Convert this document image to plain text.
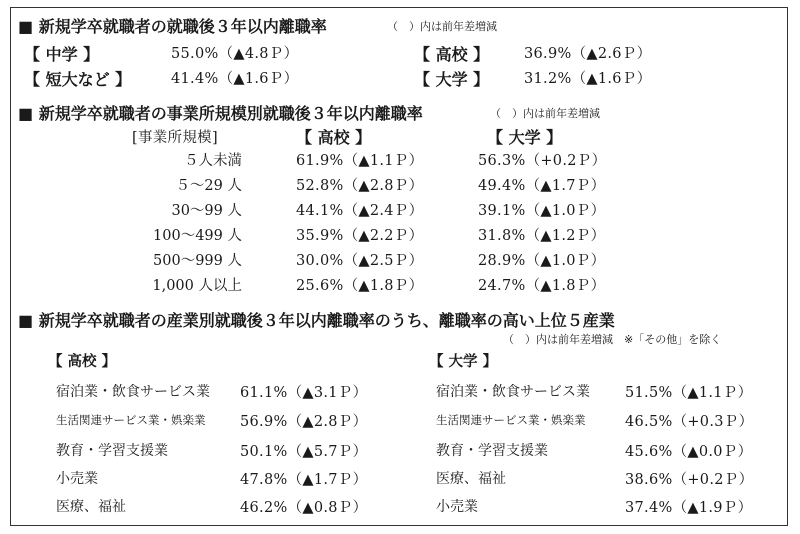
■ 新規学卒就職者の就職後３年以内離職率	（　）内は前年差増減
【 中学 】	55.0%（▲4.8Ｐ）	【 高校 】 36.9%（▲2.6Ｐ）
【 短大など 】	41.4%（▲1.6Ｐ）	【 大学 】 31.2%（▲1.6Ｐ）
■ 新規学卒就職者の事業所規模別就職後３年以内離職率	（　）内は前年差増減
[事業所規模]	【 高校 】	【 大学 】
５人未満	61.9%（▲1.1Ｐ）	56.3%（+0.2Ｐ）
５～29 人	52.8%（▲2.8Ｐ）	49.4%（▲1.7Ｐ）
30～99 人	44.1%（▲2.4Ｐ）	39.1%（▲1.0Ｐ）
100～499 人	35.9%（▲2.2Ｐ）	31.8%（▲1.2Ｐ）
500～999 人	30.0%（▲2.5Ｐ）	28.9%（▲1.0Ｐ）
1,000 人以上	25.6%（▲1.8Ｐ）	24.7%（▲1.8Ｐ）
■ 新規学卒就職者の産業別就職後３年以内離職率のうち、離職率の高い上位５産業
（　）内は前年差増減　※「その他」を除く
【 高校 】	【 大学 】
宿泊業・飲食サービス業 61.1%（▲3.1Ｐ）
生活関連サービス業・娯楽業 56.9%（▲2.8Ｐ）
教育・学習支援業	50.1%（▲5.7Ｐ）
小売業	47.8%（▲1.7Ｐ）
医療、福祉	46.2%（▲0.8Ｐ）
宿泊業・飲食サービス業 51.5%（▲1.1Ｐ）
生活関連サービス業・娯楽業	46.5%（+0.3Ｐ）
教育・学習支援業	45.6%（▲0.0Ｐ）
医療、福祉	38.6%（+0.2Ｐ）
小売業	37.4%（▲1.9Ｐ）
